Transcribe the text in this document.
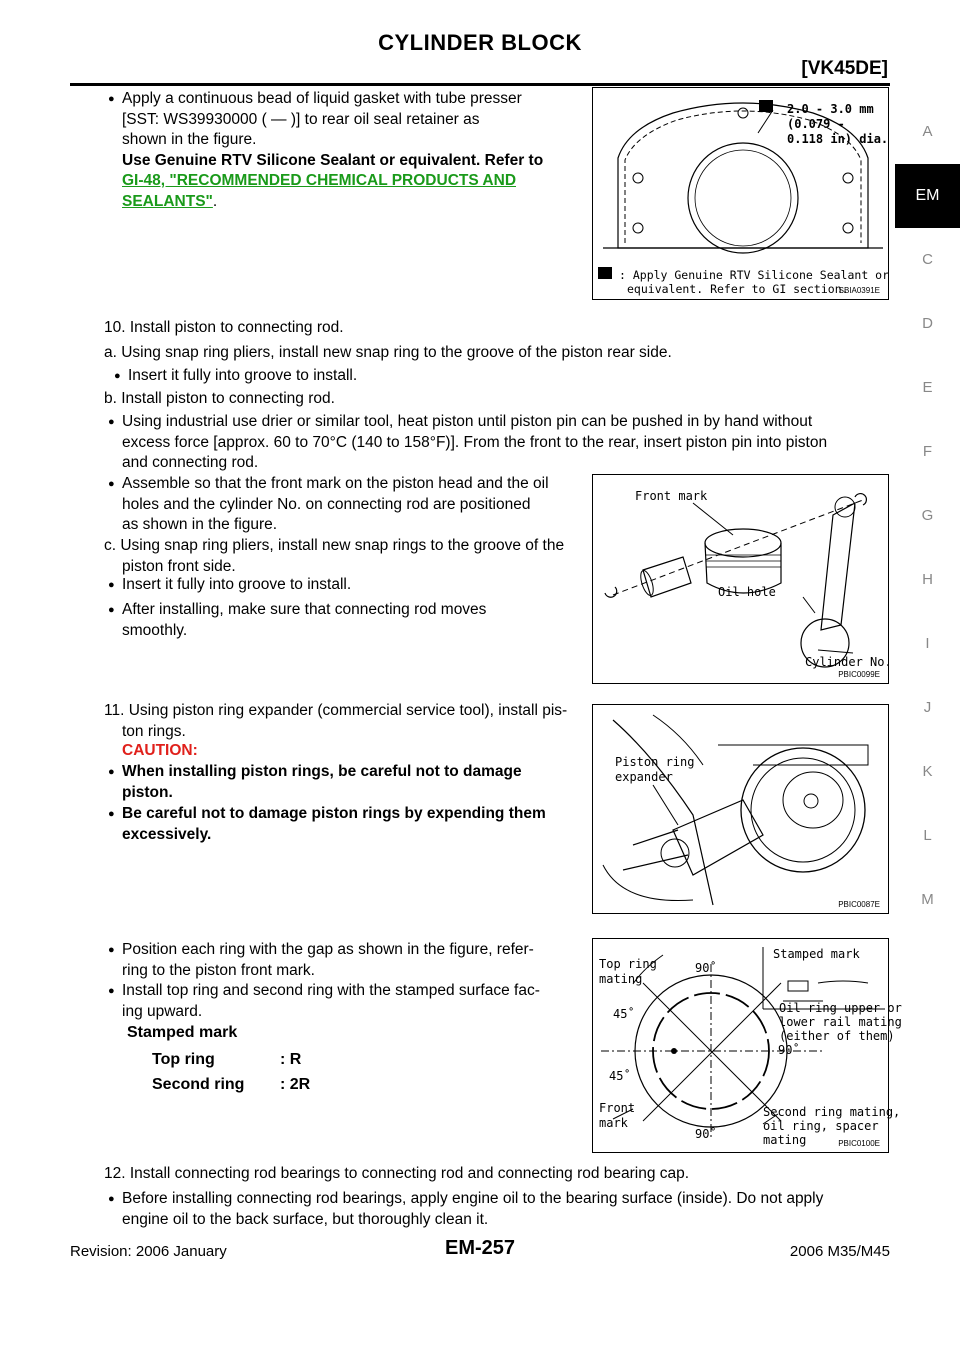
CYLINDER BLOCK
[VK45DE]
A
EM
C
D
E
F
G
H
I
J
K
L
M
● Apply a continuous bead of liquid gasket with tube presser
[SST: WS39930000 ( — )] to rear oil seal retainer as
shown in the figure.
Use Genuine RTV Silicone Sealant or equivalent. Refer to
GI-48, "RECOMMENDED CHEMICAL PRODUCTS AND
SEALANTS".
2.0 - 3.0 mm
(0.079 -
0.118 in) dia.
: Apply Genuine RTV Silicone Sealant or
equivalent. Refer to GI section.
SBIA0391E
10. Install piston to connecting rod.
a. Using snap ring pliers, install new snap ring to the groove of the piston rear side.
● Insert it fully into groove to install.
b. Install piston to connecting rod.
● Using industrial use drier or similar tool, heat piston until piston pin can be pushed in by hand without
excess force [approx. 60 to 70°C (140 to 158°F)]. From the front to the rear, insert piston pin into piston
and connecting rod.
● Assemble so that the front mark on the piston head and the oil
holes and the cylinder No. on connecting rod are positioned
as shown in the figure.
c. Using snap ring pliers, install new snap rings to the groove of the
piston front side.
● Insert it fully into groove to install.
● After installing, make sure that connecting rod moves
smoothly.
Front mark
Oil hole
Cylinder No.
PBIC0099E
11. Using piston ring expander (commercial service tool), install pis-
ton rings.
CAUTION:
● When installing piston rings, be careful not to damage
piston.
● Be careful not to damage piston rings by expending them
excessively.
● Position each ring with the gap as shown in the figure, refer-
ring to the piston front mark.
● Install top ring and second ring with the stamped surface fac-
ing upward.
Stamped mark
Top ring	: R
Second ring : 2R
Piston ring
expander
PBIC0087E
Top ring
mating
90˚
45˚
45˚
90˚
90˚
Stamped mark
Oil ring upper or
lower rail mating
(either of them)
Front
mark
Second ring mating,
oil ring, spacer
mating	PBIC0100E
12. Install connecting rod bearings to connecting rod and connecting rod bearing cap.
● Before installing connecting rod bearings, apply engine oil to the bearing surface (inside). Do not apply
engine oil to the back surface, but thoroughly clean it.
Revision: 2006 January	EM-257	2006 M35/M45
